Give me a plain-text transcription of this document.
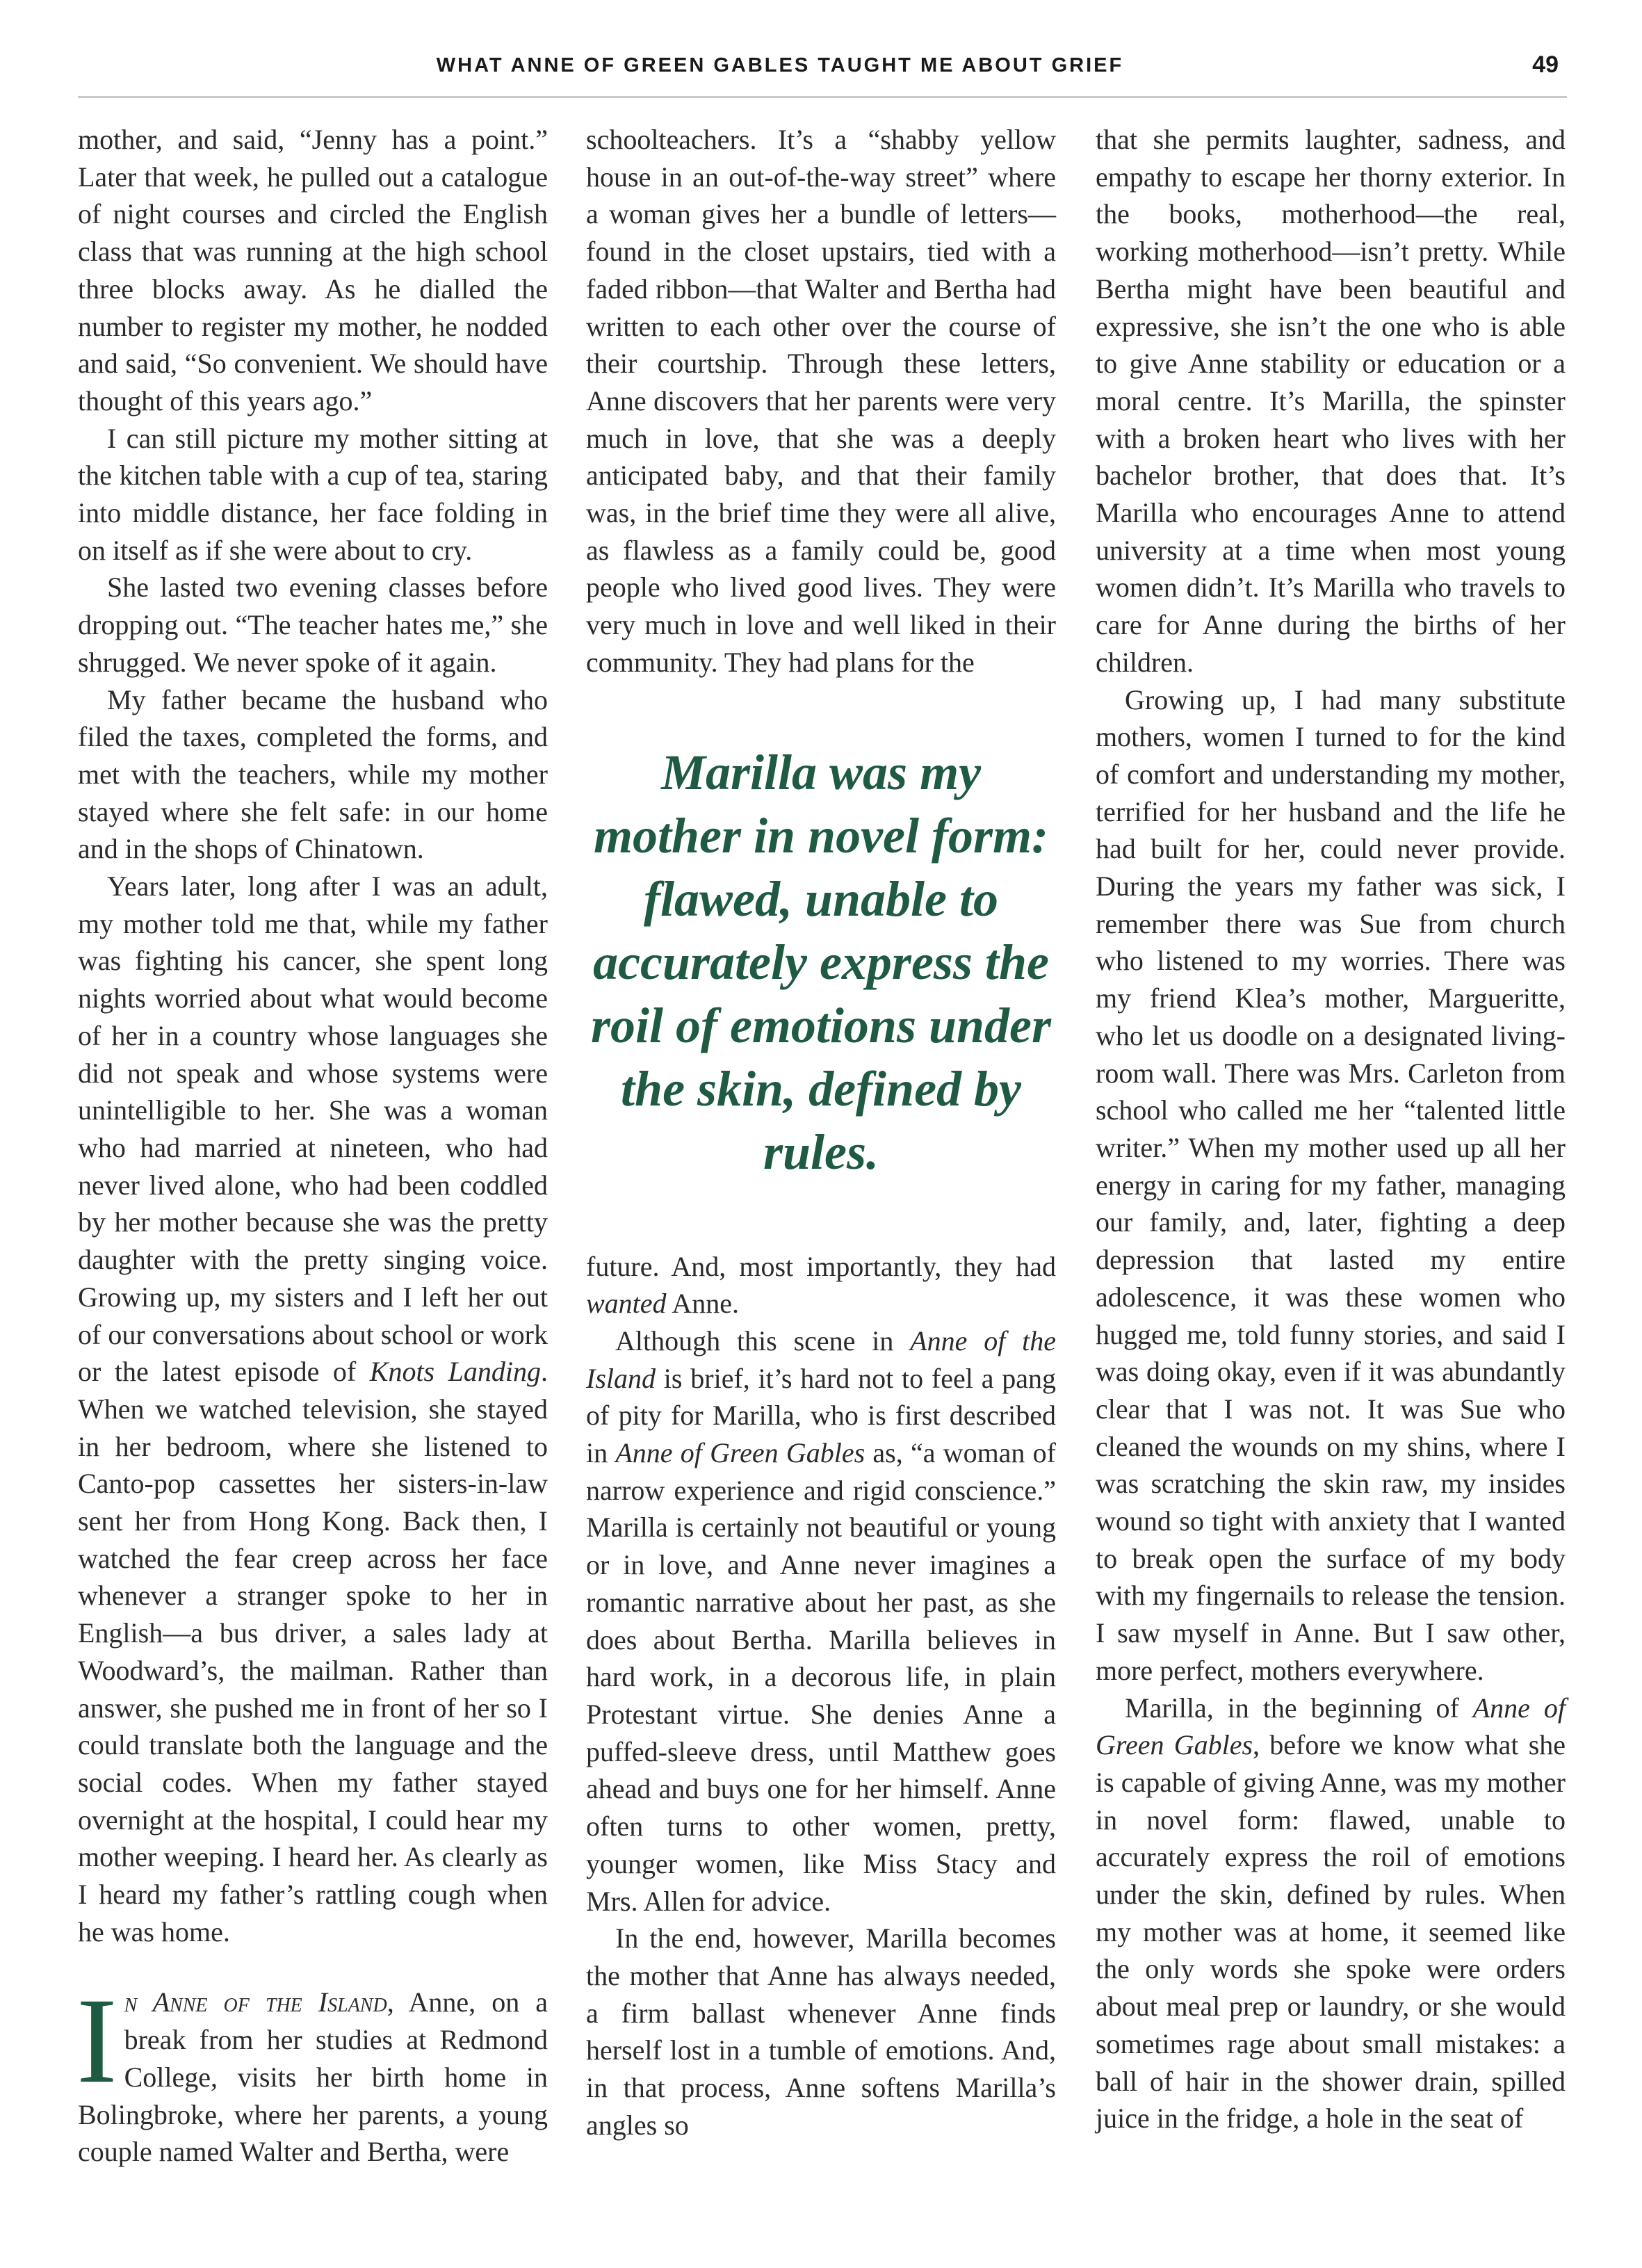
WHAT ANNE OF GREEN GABLES TAUGHT ME ABOUT GRIEF	49

mother, and said, “Jenny has a point.” Later that week, he pulled out a catalogue of night courses and circled the English class that was running at the high school three blocks away. As he dialled the number to register my mother, he nodded and said, “So convenient. We should have thought of this years ago.”

I can still picture my mother sitting at the kitchen table with a cup of tea, staring into middle distance, her face folding in on itself as if she were about to cry.

She lasted two evening classes before dropping out. “The teacher hates me,” she shrugged. We never spoke of it again.

My father became the husband who filed the taxes, completed the forms, and met with the teachers, while my mother stayed where she felt safe: in our home and in the shops of Chinatown.

Years later, long after I was an adult, my mother told me that, while my father was fighting his cancer, she spent long nights worried about what would become of her in a country whose languages she did not speak and whose systems were unintelligible to her. She was a woman who had married at nineteen, who had never lived alone, who had been coddled by her mother because she was the pretty daughter with the pretty singing voice. Growing up, my sisters and I left her out of our conversations about school or work or the latest episode of Knots Landing. When we watched television, she stayed in her bedroom, where she listened to Canto-pop cassettes her sisters-in-law sent her from Hong Kong. Back then, I watched the fear creep across her face whenever a stranger spoke to her in English—a bus driver, a sales lady at Woodward’s, the mailman. Rather than answer, she pushed me in front of her so I could translate both the language and the social codes. When my father stayed overnight at the hospital, I could hear my mother weeping. I heard her. As clearly as I heard my father’s rattling cough when he was home.

In Anne of the Island, Anne, on a break from her studies at Redmond College, visits her birth home in Bolingbroke, where her parents, a young couple named Walter and Bertha, were

schoolteachers. It’s a “shabby yellow house in an out-of-the-way street” where a woman gives her a bundle of letters—found in the closet upstairs, tied with a faded ribbon—that Walter and Bertha had written to each other over the course of their courtship. Through these letters, Anne discovers that her parents were very much in love, that she was a deeply anticipated baby, and that their family was, in the brief time they were all alive, as flawless as a family could be, good people who lived good lives. They were very much in love and well liked in their community. They had plans for the

Marilla was my mother in novel form: flawed, unable to accurately express the roil of emotions under the skin, defined by rules.

future. And, most importantly, they had wanted Anne.

Although this scene in Anne of the Island is brief, it’s hard not to feel a pang of pity for Marilla, who is first described in Anne of Green Gables as, “a woman of narrow experience and rigid conscience.” Marilla is certainly not beautiful or young or in love, and Anne never imagines a romantic narrative about her past, as she does about Bertha. Marilla believes in hard work, in a decorous life, in plain Protestant virtue. She denies Anne a puffed-sleeve dress, until Matthew goes ahead and buys one for her himself. Anne often turns to other women, pretty, younger women, like Miss Stacy and Mrs. Allen for advice.

In the end, however, Marilla becomes the mother that Anne has always needed, a firm ballast whenever Anne finds herself lost in a tumble of emotions. And, in that process, Anne softens Marilla’s angles so

that she permits laughter, sadness, and empathy to escape her thorny exterior. In the books, motherhood—the real, working motherhood—isn’t pretty. While Bertha might have been beautiful and expressive, she isn’t the one who is able to give Anne stability or education or a moral centre. It’s Marilla, the spinster with a broken heart who lives with her bachelor brother, that does that. It’s Marilla who encourages Anne to attend university at a time when most young women didn’t. It’s Marilla who travels to care for Anne during the births of her children.

Growing up, I had many substitute mothers, women I turned to for the kind of comfort and understanding my mother, terrified for her husband and the life he had built for her, could never provide. During the years my father was sick, I remember there was Sue from church who listened to my worries. There was my friend Klea’s mother, Margueritte, who let us doodle on a designated living-room wall. There was Mrs. Carleton from school who called me her “talented little writer.” When my mother used up all her energy in caring for my father, managing our family, and, later, fighting a deep depression that lasted my entire adolescence, it was these women who hugged me, told funny stories, and said I was doing okay, even if it was abundantly clear that I was not. It was Sue who cleaned the wounds on my shins, where I was scratching the skin raw, my insides wound so tight with anxiety that I wanted to break open the surface of my body with my fingernails to release the tension. I saw myself in Anne. But I saw other, more perfect, mothers everywhere.

Marilla, in the beginning of Anne of Green Gables, before we know what she is capable of giving Anne, was my mother in novel form: flawed, unable to accurately express the roil of emotions under the skin, defined by rules. When my mother was at home, it seemed like the only words she spoke were orders about meal prep or laundry, or she would sometimes rage about small mistakes: a ball of hair in the shower drain, spilled juice in the fridge, a hole in the seat of
